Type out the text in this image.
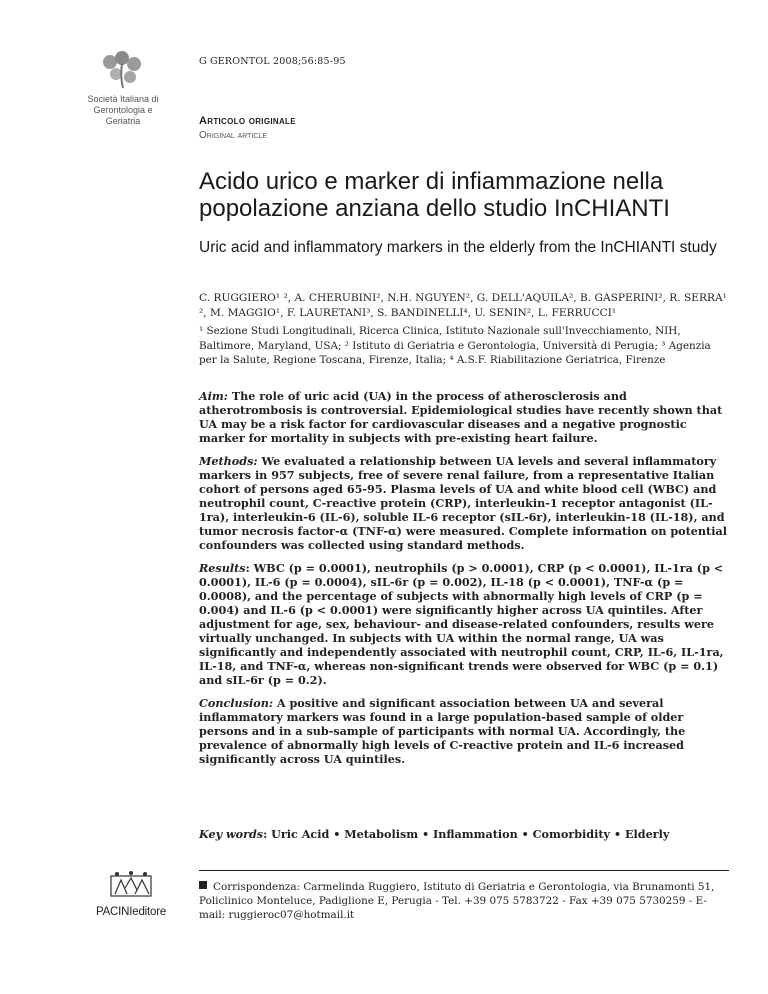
Società Italiana di
Gerontologia e
Geriatria
G GERONTOL 2008;56:85-95
Articolo originale
Original article
Acido urico e marker di infiammazione nella popolazione anziana dello studio InCHIANTI
Uric acid and inflammatory markers in the elderly from the InCHIANTI study
C. RUGGIERO¹ ², A. CHERUBINI², N.H. NGUYEN², G. DELL'AQUILA², B. GASPERINI², R. SERRA¹ ², M. MAGGIO¹, F. LAURETANI³, S. BANDINELLI⁴, U. SENIN², L. FERRUCCI¹
¹ Sezione Studi Longitudinali, Ricerca Clinica, Istituto Nazionale sull'Invecchiamento, NIH, Baltimore, Maryland, USA; ² Istituto di Geriatria e Gerontologia, Università di Perugia; ³ Agenzia per la Salute, Regione Toscana, Firenze, Italia; ⁴ A.S.F. Riabilitazione Geriatrica, Firenze

Aim: The role of uric acid (UA) in the process of atherosclerosis and atherotrombosis is controversial. Epidemiological studies have recently shown that UA may be a risk factor for cardiovascular diseases and a negative prognostic marker for mortality in subjects with pre-existing heart failure.

Methods: We evaluated a relationship between UA levels and several inflammatory markers in 957 subjects, free of severe renal failure, from a representative Italian cohort of persons aged 65-95. Plasma levels of UA and white blood cell (WBC) and neutrophil count, C-reactive protein (CRP), interleukin-1 receptor antagonist (IL-1ra), interleukin-6 (IL-6), soluble IL-6 receptor (sIL-6r), interleukin-18 (IL-18), and tumor necrosis factor-α (TNF-α) were measured. Complete information on potential confounders was collected using standard methods.

Results: WBC (p = 0.0001), neutrophils (p > 0.0001), CRP (p < 0.0001), IL-1ra (p < 0.0001), IL-6 (p = 0.0004), sIL-6r (p = 0.002), IL-18 (p < 0.0001), TNF-α (p = 0.0008), and the percentage of subjects with abnormally high levels of CRP (p = 0.004) and IL-6 (p < 0.0001) were significantly higher across UA quintiles. After adjustment for age, sex, behaviour- and disease-related confounders, results were virtually unchanged. In subjects with UA within the normal range, UA was significantly and independently associated with neutrophil count, CRP, IL-6, IL-1ra, IL-18, and TNF-α, whereas non-significant trends were observed for WBC (p = 0.1) and sIL-6r (p = 0.2).

Conclusion: A positive and significant association between UA and several inflammatory markers was found in a large population-based sample of older persons and in a sub-sample of participants with normal UA. Accordingly, the prevalence of abnormally high levels of C-reactive protein and IL-6 increased significantly across UA quintiles.

Key words: Uric Acid • Metabolism • Inflammation • Comorbidity • Elderly
Corrispondenza: Carmelinda Ruggiero, Istituto di Geriatria e Gerontologia, via Brunamonti 51, Policlinico Monteluce, Padiglione E, Perugia - Tel. +39 075 5783722 - Fax +39 075 5730259 - E-mail: ruggieroc07@hotmail.it
PACINIeditore
